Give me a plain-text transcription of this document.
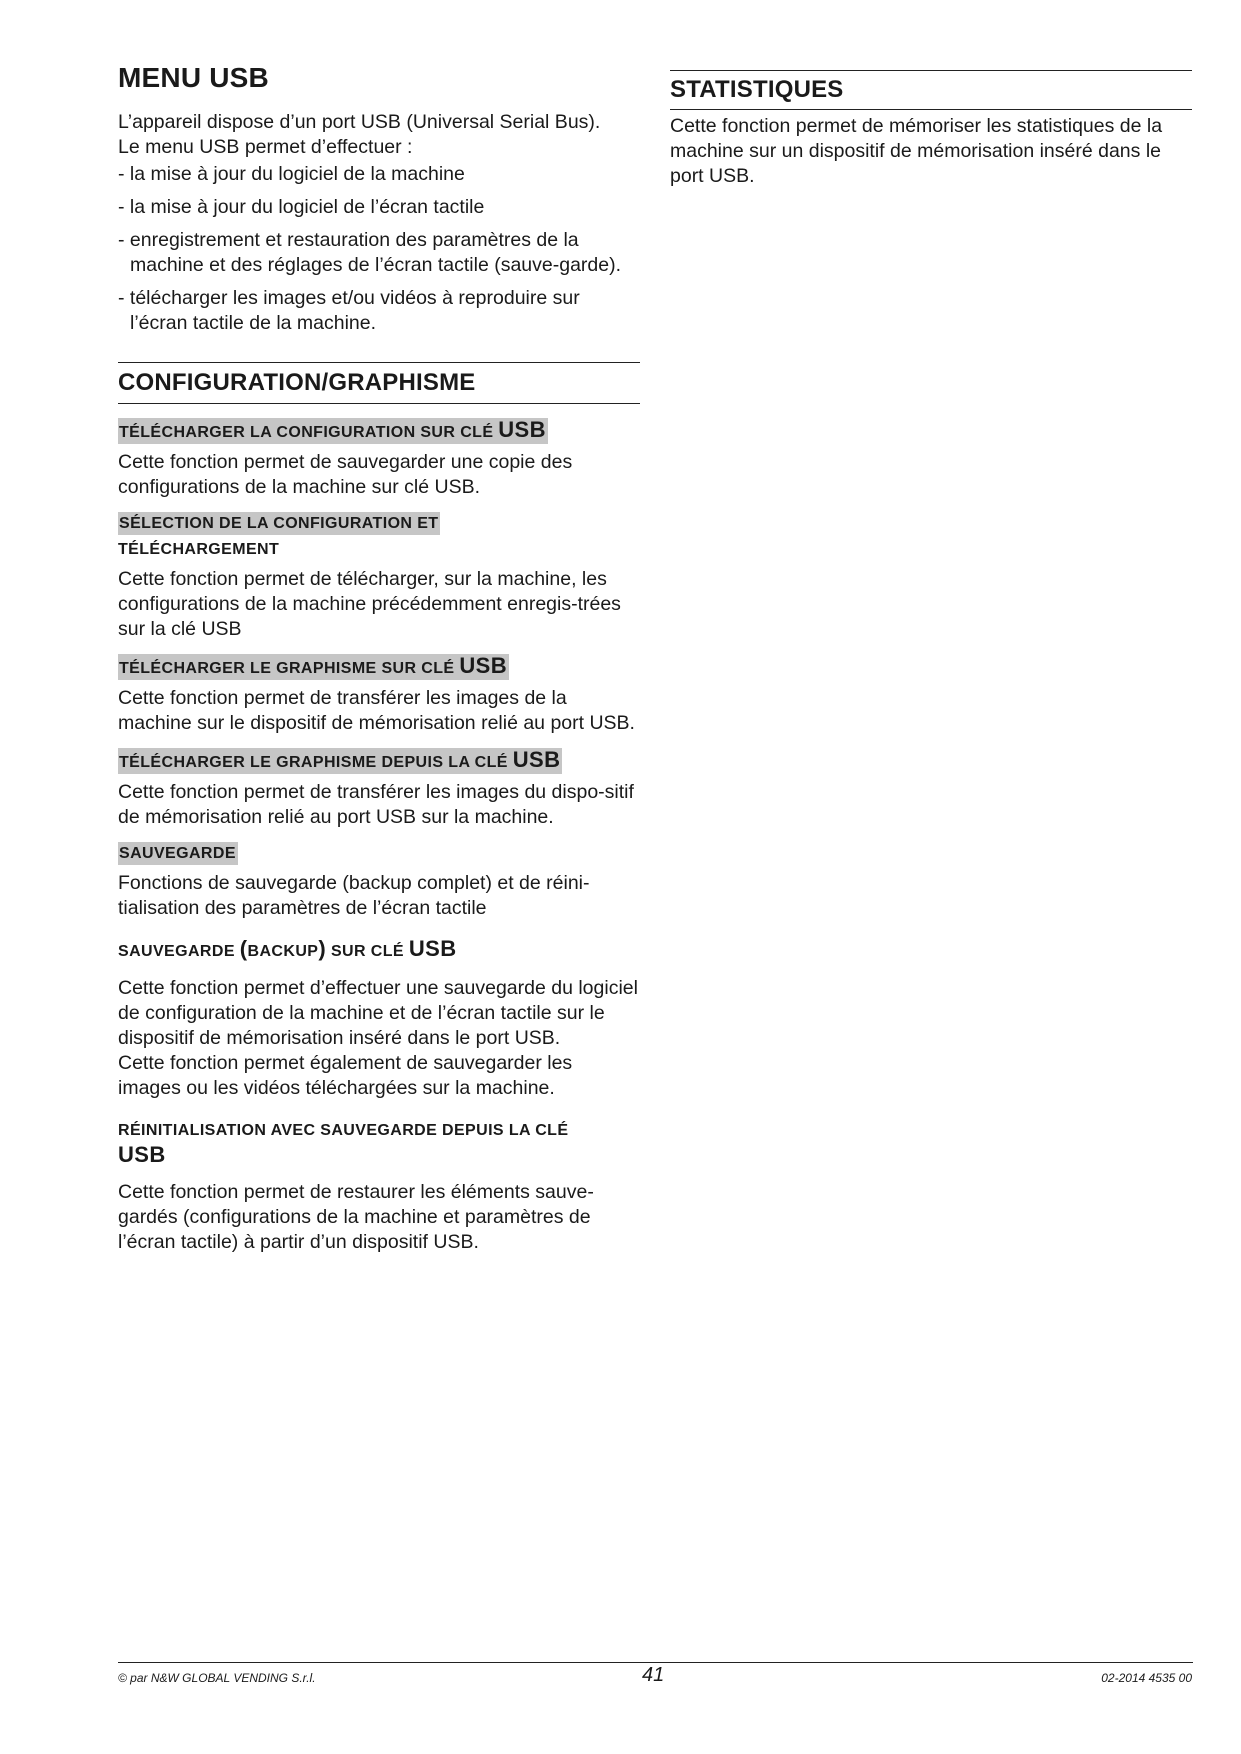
MENU USB

L’appareil dispose d’un port USB (Universal Serial Bus).

Le menu USB permet d’effectuer :

- la mise à jour du logiciel de la machine

- la mise à jour du logiciel de l’écran tactile

- enregistrement et restauration des paramètres de la machine et des réglages de l’écran tactile (sauve-garde).

- télécharger les images et/ou vidéos à reproduire sur l’écran tactile de la machine.

CONFIGURATION/GRAPHISME
TÉLÉCHARGER LA CONFIGURATION SUR CLÉ USB

Cette fonction permet de sauvegarder une copie des configurations de la machine sur clé USB.

SÉLECTION DE LA CONFIGURATION ET
TÉLÉCHARGEMENT

Cette fonction permet de télécharger, sur la machine, les configurations de la machine précédemment enregis-trées sur la clé USB

TÉLÉCHARGER LE GRAPHISME SUR CLÉ USB

Cette fonction permet de transférer les images de la machine sur le dispositif de mémorisation relié au port USB.

TÉLÉCHARGER LE GRAPHISME DEPUIS LA CLÉ USB

Cette fonction permet de transférer les images du dispo-sitif de mémorisation relié au port USB sur la machine.

SAUVEGARDE

Fonctions de sauvegarde (backup complet) et de réini-tialisation des paramètres de l’écran tactile

SAUVEGARDE (BACKUP) SUR CLÉ USB

Cette fonction permet d’effectuer une sauvegarde du logiciel de configuration de la machine et de l’écran tactile sur le dispositif de mémorisation inséré dans le port USB.

Cette fonction permet également de sauvegarder les images ou les vidéos téléchargées sur la machine.

RÉINITIALISATION AVEC SAUVEGARDE DEPUIS LA CLÉ
USB

Cette fonction permet de restaurer les éléments sauve-gardés (configurations de la machine et paramètres de l’écran tactile) à partir d’un dispositif USB.

STATISTIQUES

Cette fonction permet de mémoriser les statistiques de la machine sur un dispositif de mémorisation inséré dans le port USB.

© par N&W GLOBAL VENDING S.r.l.	41	02-2014 4535 00
